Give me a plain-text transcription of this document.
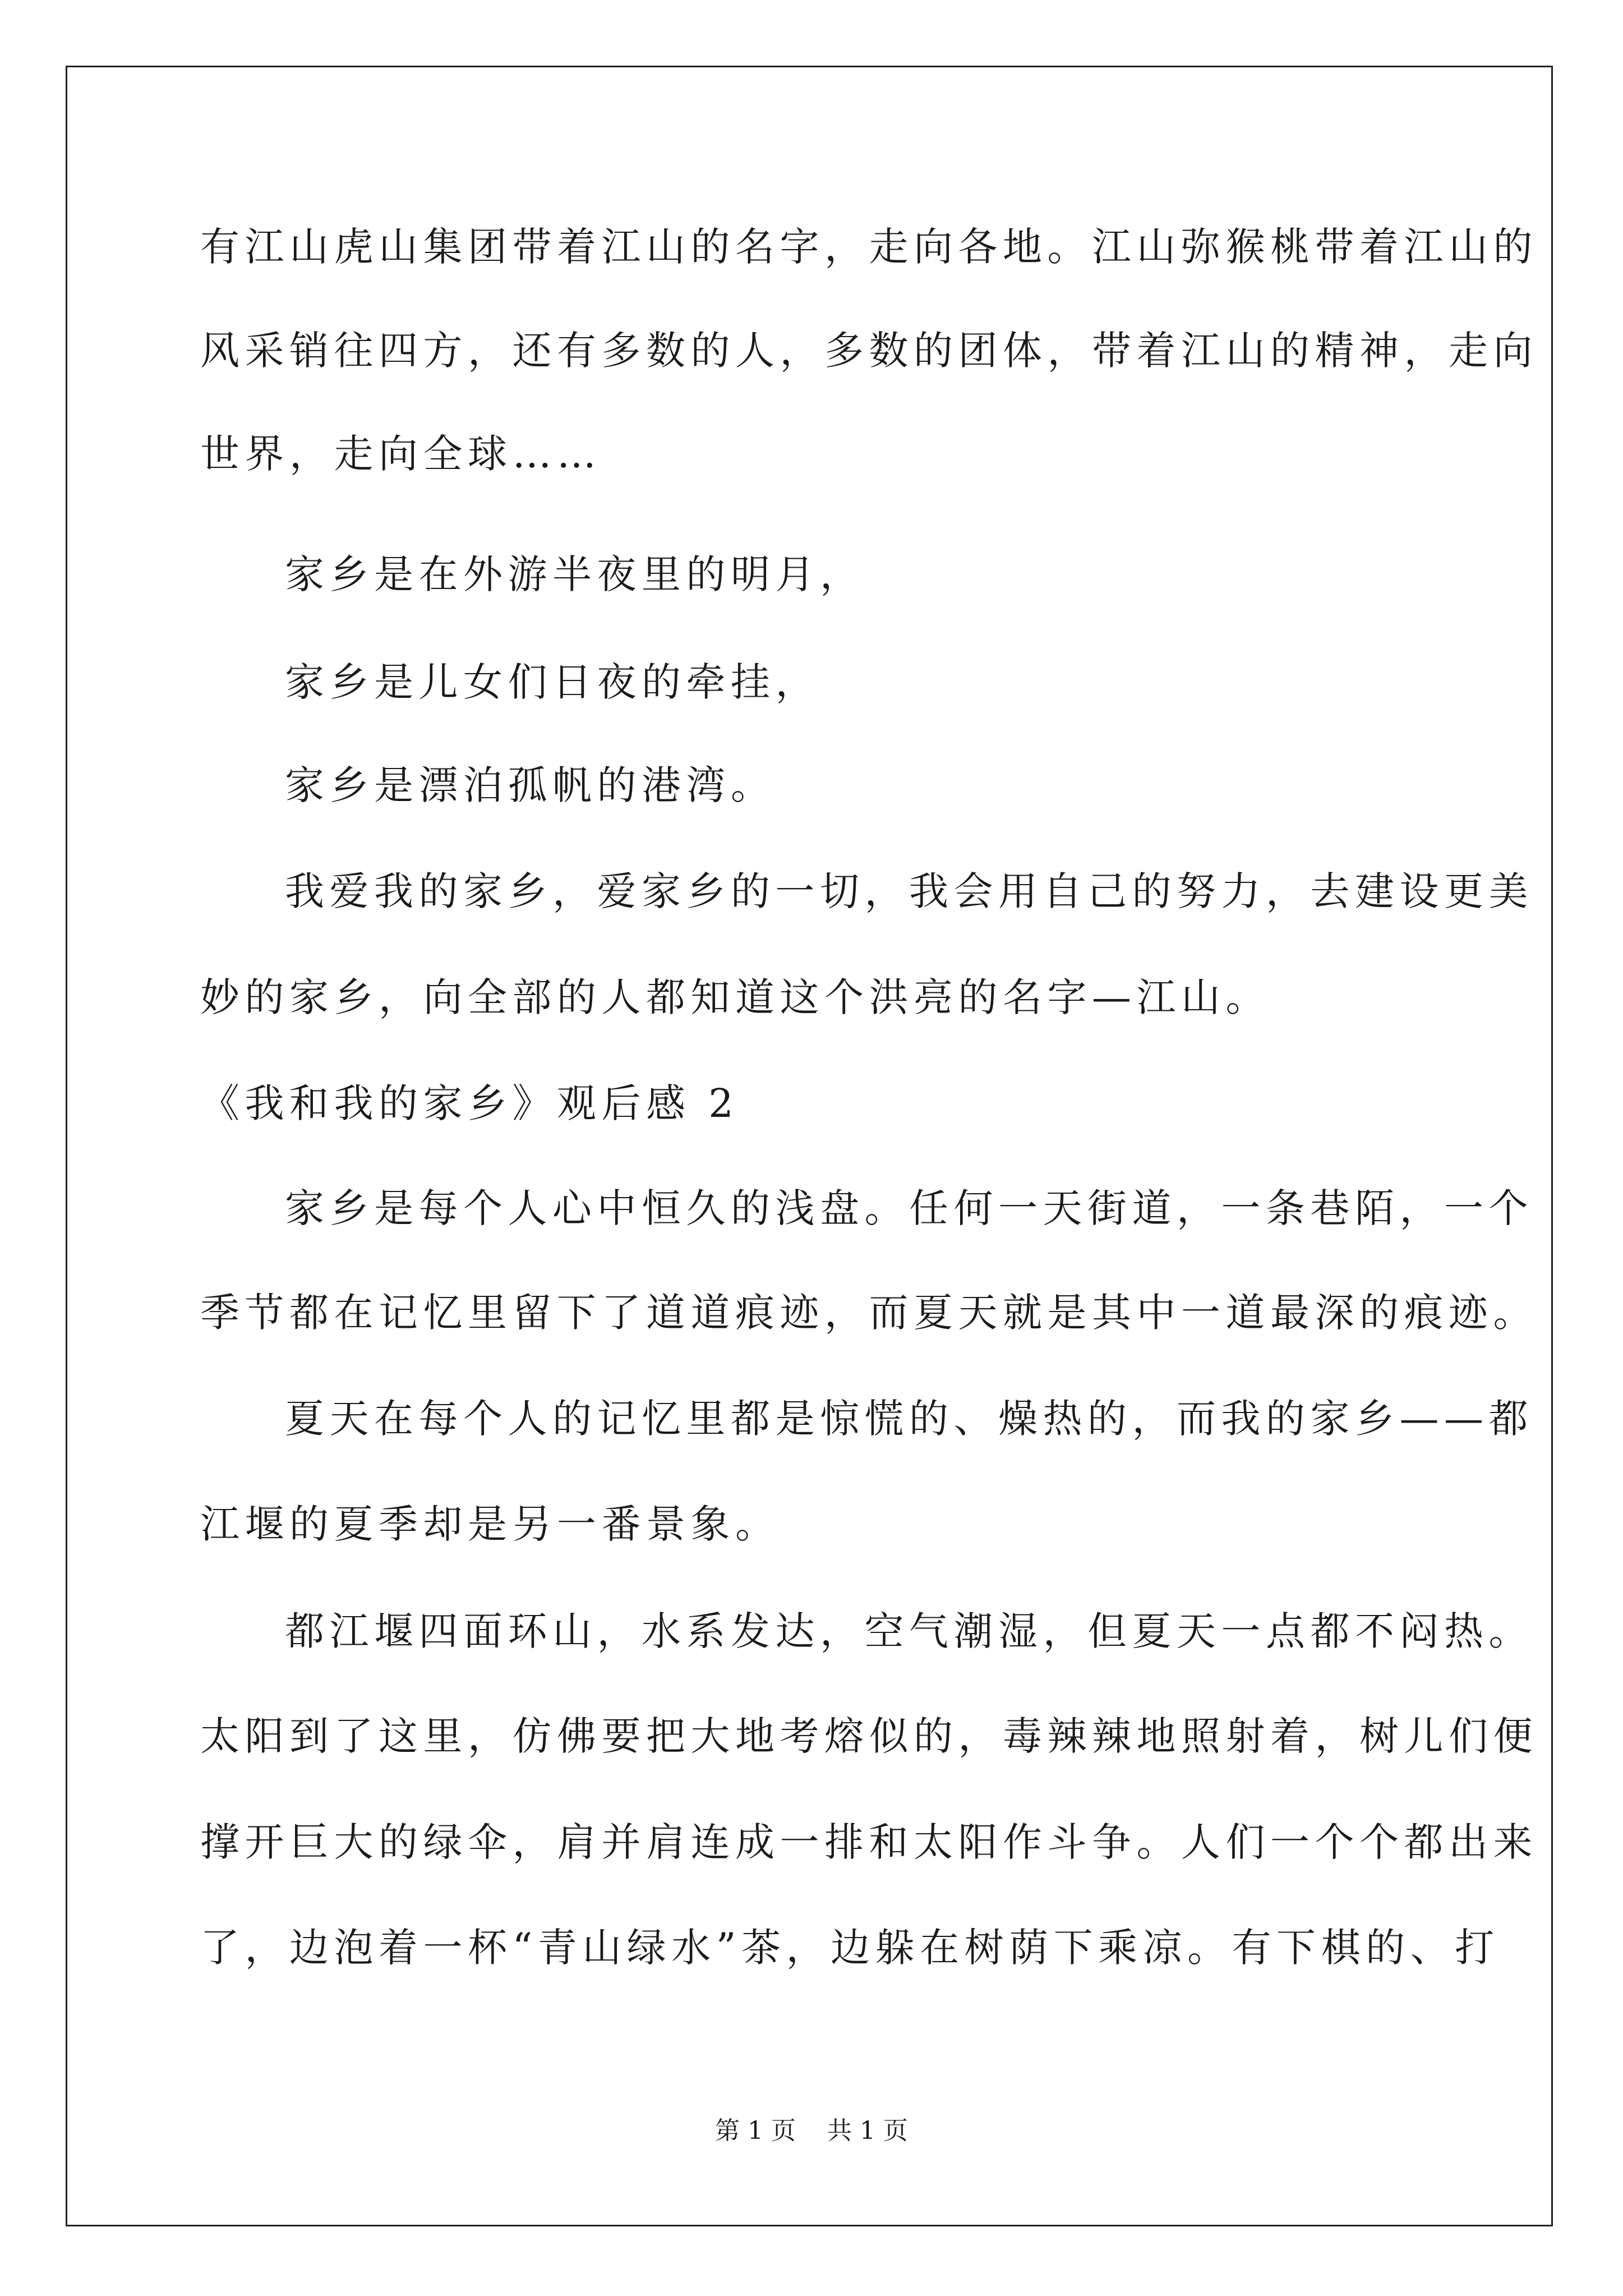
有江山虎山集团带着江山的名字，走向各地。江山弥猴桃带着江山的
风采销往四方，还有多数的人，多数的团体，带着江山的精神，走向
世界，走向全球……
家乡是在外游半夜里的明月，
家乡是儿女们日夜的牵挂，
家乡是漂泊孤帆的港湾。
我爱我的家乡，爱家乡的一切，我会用自己的努力，去建设更美
妙的家乡，向全部的人都知道这个洪亮的名字—江山。
《我和我的家乡》观后感 2
家乡是每个人心中恒久的浅盘。任何一天街道，一条巷陌，一个
季节都在记忆里留下了道道痕迹，而夏天就是其中一道最深的痕迹。
夏天在每个人的记忆里都是惊慌的、燥热的，而我的家乡——都
江堰的夏季却是另一番景象。
都江堰四面环山，水系发达，空气潮湿，但夏天一点都不闷热。
太阳到了这里，仿佛要把大地考熔似的，毒辣辣地照射着，树儿们便
撑开巨大的绿伞，肩并肩连成一排和太阳作斗争。人们一个个都出来
了，边泡着一杯“青山绿水”茶，边躲在树荫下乘凉。有下棋的、打
第 1 页    共 1 页
